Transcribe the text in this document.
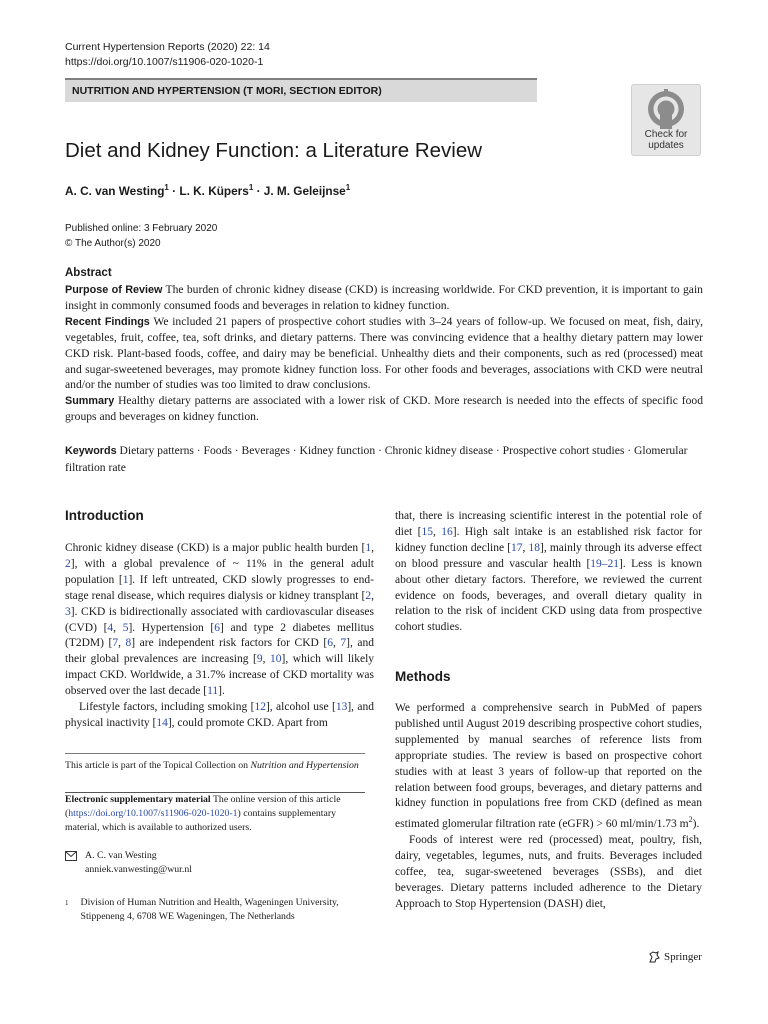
Current Hypertension Reports (2020) 22: 14
https://doi.org/10.1007/s11906-020-1020-1
NUTRITION AND HYPERTENSION (T MORI, SECTION EDITOR)
Check for
updates
Diet and Kidney Function: a Literature Review
A. C. van Westing$^1$ · L. K. Küpers$^1$ · J. M. Geleijnse$^1$
Published online: 3 February 2020
© The Author(s) 2020
Abstract

Purpose of Review The burden of chronic kidney disease (CKD) is increasing worldwide. For CKD prevention, it is important to gain insight in commonly consumed foods and beverages in relation to kidney function.

Recent Findings We included 21 papers of prospective cohort studies with 3–24 years of follow-up. We focused on meat, fish, dairy, vegetables, fruit, coffee, tea, soft drinks, and dietary patterns. There was convincing evidence that a healthy dietary pattern may lower CKD risk. Plant-based foods, coffee, and dairy may be beneficial. Unhealthy diets and their components, such as red (processed) meat and sugar-sweetened beverages, may promote kidney function loss. For other foods and beverages, associations with CKD were neutral and/or the number of studies was too limited to draw conclusions.

Summary Healthy dietary patterns are associated with a lower risk of CKD. More research is needed into the effects of specific food groups and beverages on kidney function.

Keywords Dietary patterns · Foods · Beverages · Kidney function · Chronic kidney disease · Prospective cohort studies · Glomerular filtration rate
Introduction

Chronic kidney disease (CKD) is a major public health burden [1, 2], with a global prevalence of ~ 11% in the general adult population [1]. If left untreated, CKD slowly progresses to end-stage renal disease, which requires dialysis or kidney transplant [2, 3]. CKD is bidirectionally associated with cardiovascular diseases (CVD) [4, 5]. Hypertension [6] and type 2 diabetes mellitus (T2DM) [7, 8] are independent risk factors for CKD [6, 7], and their global prevalences are increasing [9, 10], which will likely impact CKD. Worldwide, a 31.7% increase of CKD mortality was observed over the last decade [11].

Lifestyle factors, including smoking [12], alcohol use [13], and physical inactivity [14], could promote CKD. Apart from

This article is part of the Topical Collection on Nutrition and Hypertension
Electronic supplementary material The online version of this article (https://doi.org/10.1007/s11906-020-1020-1) contains supplementary material, which is available to authorized users.
A. C. van Westing
anniek.vanwesting@wur.nl
1 Division of Human Nutrition and Health, Wageningen University,
Stippeneng 4, 6708 WE Wageningen, The Netherlands

that, there is increasing scientific interest in the potential role of diet [15, 16]. High salt intake is an established risk factor for kidney function decline [17, 18], mainly through its adverse effect on blood pressure and vascular health [19–21]. Less is known about other dietary factors. Therefore, we reviewed the current evidence on foods, beverages, and overall dietary quality in relation to the risk of incident CKD using data from prospective cohort studies.

Methods

We performed a comprehensive search in PubMed of papers published until August 2019 describing prospective cohort studies, supplemented by manual searches of reference lists from appropriate studies. The review is based on prospective cohort studies with at least 3 years of follow-up that reported on the relation between food groups, beverages, and dietary patterns and kidney function in populations free from CKD (defined as mean estimated glomerular filtration rate (eGFR) > 60 ml/min/1.73 $m^2$).

Foods of interest were red (processed) meat, poultry, fish, dairy, vegetables, legumes, nuts, and fruits. Beverages included coffee, tea, sugar-sweetened beverages (SSBs), and diet beverages. Dietary patterns included adherence to the Dietary Approach to Stop Hypertension (DASH) diet,

Springer
